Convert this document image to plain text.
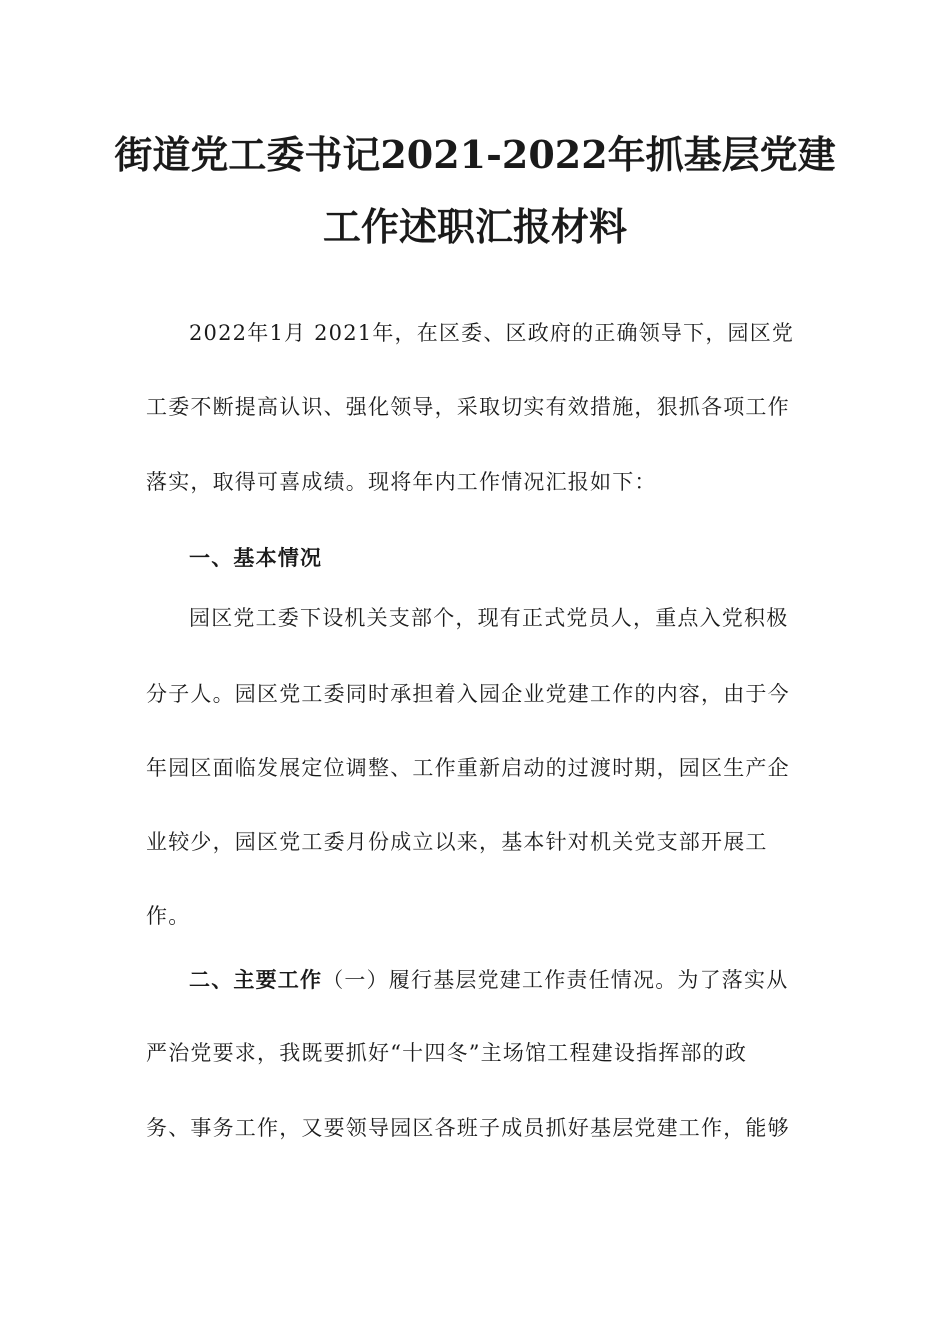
街道党工委书记2021-2022年抓基层党建
工作述职汇报材料
2022年1月 2021年，在区委、区政府的正确领导下，园区党
工委不断提高认识、强化领导，采取切实有效措施，狠抓各项工作
落实，取得可喜成绩。现将年内工作情况汇报如下：
一、基本情况
园区党工委下设机关支部个，现有正式党员人，重点入党积极
分子人。园区党工委同时承担着入园企业党建工作的内容，由于今
年园区面临发展定位调整、工作重新启动的过渡时期，园区生产企
业较少，园区党工委月份成立以来，基本针对机关党支部开展工
作。
二、主要工作（一）履行基层党建工作责任情况。为了落实从
严治党要求，我既要抓好“十四冬”主场馆工程建设指挥部的政
务、事务工作，又要领导园区各班子成员抓好基层党建工作，能够
